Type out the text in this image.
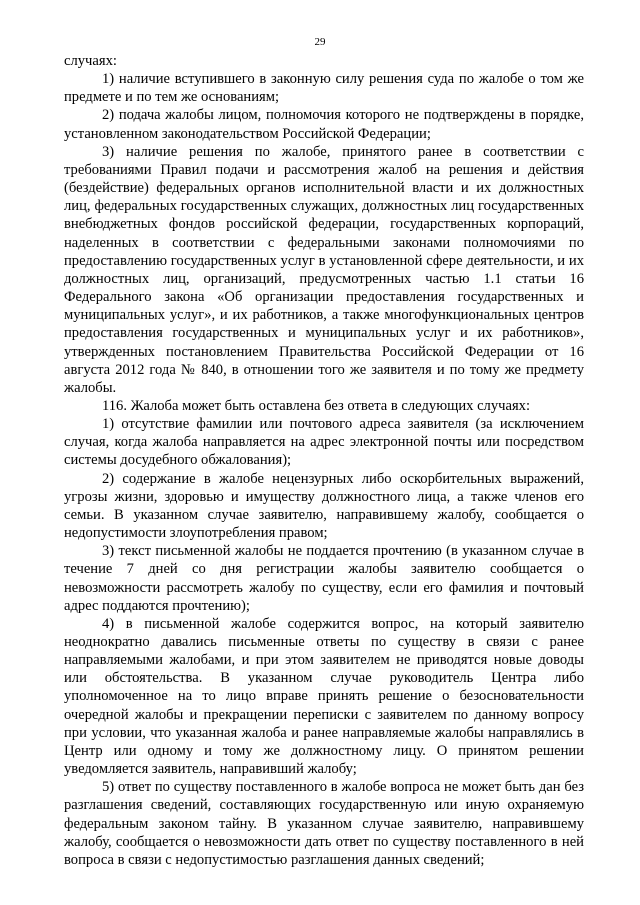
29

случаях:

1) наличие вступившего в законную силу решения суда по жалобе о том же предмете и по тем же основаниям;

2) подача жалобы лицом, полномочия которого не подтверждены в порядке, установленном законодательством Российской Федерации;

3) наличие решения по жалобе, принятого ранее в соответствии с требованиями Правил подачи и рассмотрения жалоб на решения и действия (бездействие) федеральных органов исполнительной власти и их должностных лиц, федеральных государственных служащих, должностных лиц государственных внебюджетных фондов российской федерации, государственных корпораций, наделенных в соответствии с федеральными законами полномочиями по предоставлению государственных услуг в установленной сфере деятельности, и их должностных лиц, организаций, предусмотренных частью 1.1 статьи 16 Федерального закона «Об организации предоставления государственных и муниципальных услуг», и их работников, а также многофункциональных центров предоставления государственных и муниципальных услуг и их работников», утвержденных постановлением Правительства Российской Федерации от 16 августа 2012 года № 840, в отношении того же заявителя и по тому же предмету жалобы.

116. Жалоба может быть оставлена без ответа в следующих случаях:

1) отсутствие фамилии или почтового адреса заявителя (за исключением случая, когда жалоба направляется на адрес электронной почты или посредством системы досудебного обжалования);

2) содержание в жалобе нецензурных либо оскорбительных выражений, угрозы жизни, здоровью и имуществу должностного лица, а также членов его семьи. В указанном случае заявителю, направившему жалобу, сообщается о недопустимости злоупотребления правом;

3) текст письменной жалобы не поддается прочтению (в указанном случае в течение 7 дней со дня регистрации жалобы заявителю сообщается о невозможности рассмотреть жалобу по существу, если его фамилия и почтовый адрес поддаются прочтению);

4) в письменной жалобе содержится вопрос, на который заявителю неоднократно давались письменные ответы по существу в связи с ранее направляемыми жалобами, и при этом заявителем не приводятся новые доводы или обстоятельства. В указанном случае руководитель Центра либо уполномоченное на то лицо вправе принять решение о безосновательности очередной жалобы и прекращении переписки с заявителем по данному вопросу при условии, что указанная жалоба и ранее направляемые жалобы направлялись в Центр или одному и тому же должностному лицу. О принятом решении уведомляется заявитель, направивший жалобу;

5) ответ по существу поставленного в жалобе вопроса не может быть дан без разглашения сведений, составляющих государственную или иную охраняемую федеральным законом тайну. В указанном случае заявителю, направившему жалобу, сообщается о невозможности дать ответ по существу поставленного в ней вопроса в связи с недопустимостью разглашения данных сведений;
